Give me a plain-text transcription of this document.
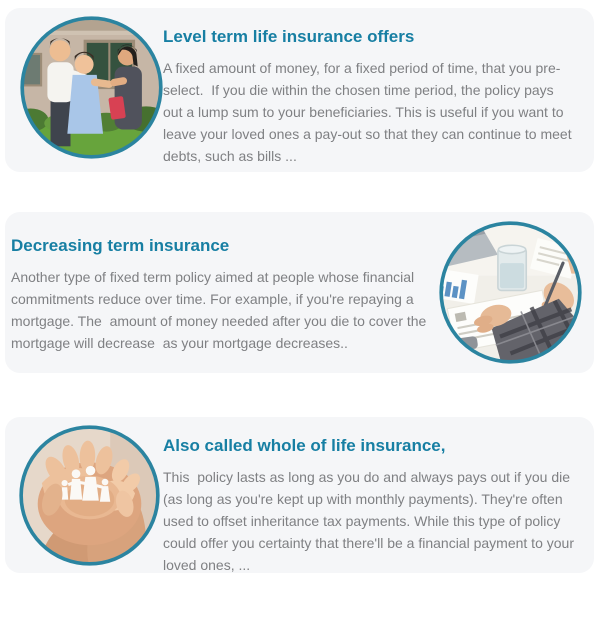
Level term life insurance offers

A fixed amount of money, for a fixed period of time, that you pre-select.  If you die within the chosen time period, the policy pays out a lump sum to your beneficiaries. This is useful if you want to leave your loved ones a pay-out so that they can continue to meet debts, such as bills ...

Decreasing term insurance

Another type of fixed term policy aimed at people whose financial commitments reduce over time. For example, if you're repaying a mortgage. The  amount of money needed after you die to cover the mortgage will decrease  as your mortgage decreases..

Also called whole of life insurance,

This  policy lasts as long as you do and always pays out if you die (as long as you're kept up with monthly payments). They're often used to offset inheritance tax payments. While this type of policy could offer you certainty that there'll be a financial payment to your loved ones, ...
